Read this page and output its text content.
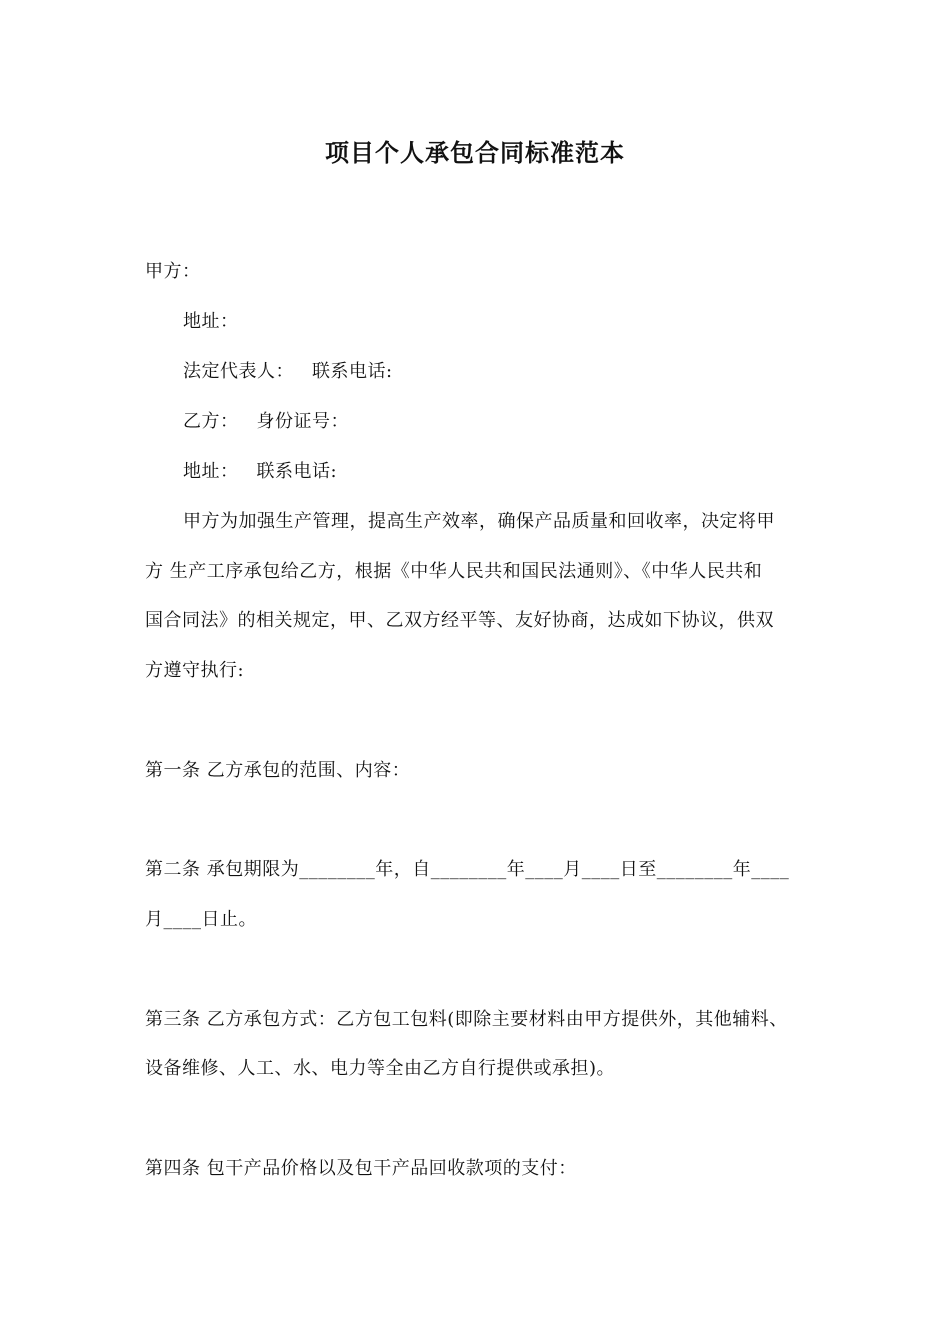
项目个人承包合同标准范本
甲方：
地址：
法定代表人： 联系电话:
乙方： 身份证号：
地址： 联系电话:
甲方为加强生产管理，提高生产效率，确保产品质量和回收率，决定将甲
方 生产工序承包给乙方，根据《中华人民共和国民法通则》、《中华人民共和
国合同法》的相关规定，甲、乙双方经平等、友好协商，达成如下协议，供双
方遵守执行:
第一条 乙方承包的范围、内容：
第二条 承包期限为________年，自________年____月____日至________年____
月____日止。
第三条 乙方承包方式：乙方包工包料(即除主要材料由甲方提供外，其他辅料、
设备维修、人工、水、电力等全由乙方自行提供或承担)。
第四条 包干产品价格以及包干产品回收款项的支付：
